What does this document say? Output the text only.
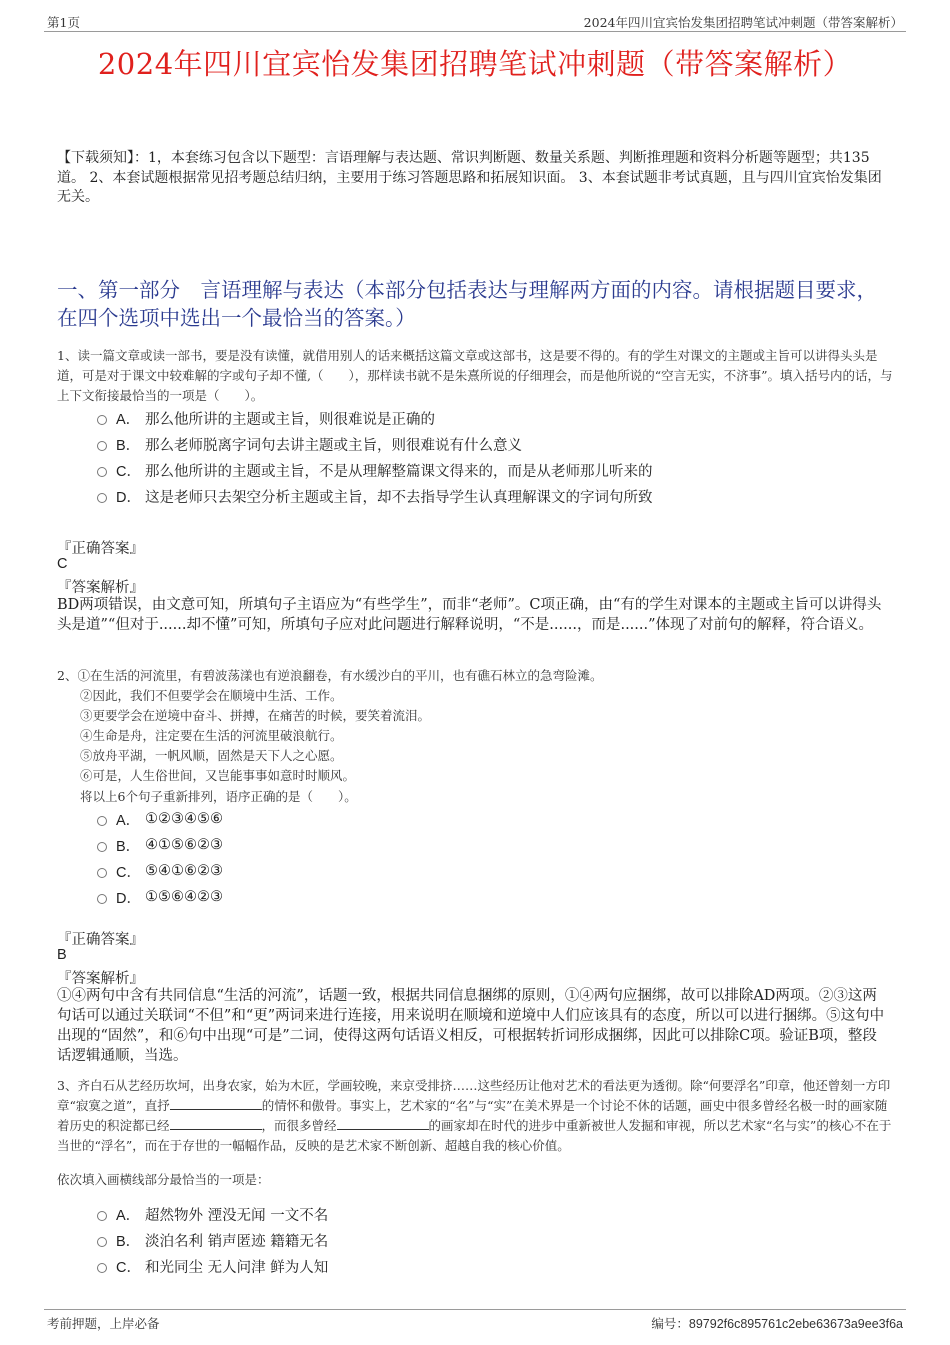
第1页	2024年四川宜宾怡发集团招聘笔试冲刺题（带答案解析）
2024年四川宜宾怡发集团招聘笔试冲刺题（带答案解析）
【下载须知】：1，本套练习包含以下题型：言语理解与表达题、常识判断题、数量关系题、判断推理题和资料分析题等题型；共135道。 2、本套试题根据常见招考题总结归纳，主要用于练习答题思路和拓展知识面。 3、本套试题非考试真题，且与四川宜宾怡发集团无关。
一、第一部分　言语理解与表达（本部分包括表达与理解两方面的内容。请根据题目要求，在四个选项中选出一个最恰当的答案。）
1、读一篇文章或读一部书，要是没有读懂，就借用别人的话来概括这篇文章或这部书，这是要不得的。有的学生对课文的主题或主旨可以讲得头头是道，可是对于课文中较难解的字或句子却不懂,（　　），那样读书就不是朱熹所说的仔细理会，而是他所说的“空言无实，不济事”。填入括号内的话，与上下文衔接最恰当的一项是（　　）。
A． 那么他所讲的主题或主旨，则很难说是正确的
B． 那么老师脱离字词句去讲主题或主旨，则很难说有什么意义
C． 那么他所讲的主题或主旨，不是从理解整篇课文得来的，而是从老师那儿听来的
D． 这是老师只去架空分析主题或主旨，却不去指导学生认真理解课文的字词句所致
『正确答案』
C
『答案解析』
BD两项错误，由文意可知，所填句子主语应为“有些学生”，而非“老师”。C项正确，由“有的学生对课本的主题或主旨可以讲得头头是道”“但对于......却不懂”可知，所填句子应对此问题进行解释说明，“不是......，而是......”体现了对前句的解释，符合语义。
2、①在生活的河流里，有碧波荡漾也有逆浪翻卷，有水缓沙白的平川，也有礁石林立的急弯险滩。
②因此，我们不但要学会在顺境中生活、工作。
③更要学会在逆境中奋斗、拼搏，在痛苦的时候，要笑着流泪。
④生命是舟，注定要在生活的河流里破浪航行。
⑤放舟平湖，一帆风顺，固然是天下人之心愿。
⑥可是，人生俗世间，又岂能事事如意时时顺风。
将以上6个句子重新排列，语序正确的是（　　）。
A． ①②③④⑤⑥
B． ④①⑤⑥②③
C． ⑤④①⑥②③
D． ①⑤⑥④②③
『正确答案』
B
『答案解析』
①④两句中含有共同信息“生活的河流”，话题一致，根据共同信息捆绑的原则，①④两句应捆绑，故可以排除AD两项。②③这两句话可以通过关联词“不但”和“更”两词来进行连接，用来说明在顺境和逆境中人们应该具有的态度，所以可以进行捆绑。⑤这句中出现的“固然”，和⑥句中出现“可是”二词，使得这两句话语义相反，可根据转折词形成捆绑，因此可以排除C项。验证B项，整段话逻辑通顺，当选。
3、齐白石从艺经历坎坷，出身农家，始为木匠，学画较晚，来京受排挤……这些经历让他对艺术的看法更为透彻。除“何要浮名”印章，他还曾刻一方印章“寂寞之道”，直抒	的情怀和傲骨。事实上，艺术家的“名”与“实”在美术界是一个讨论不休的话题，画史中很多曾经名极一时的画家随着历史的积淀都已经	，而很多曾经	的画家却在时代的进步中重新被世人发掘和审视，所以艺术家“名与实”的核心不在于当世的“浮名”，而在于存世的一幅幅作品，反映的是艺术家不断创新、超越自我的核心价值。
依次填入画横线部分最恰当的一项是：
A． 超然物外 湮没无闻 一文不名
B． 淡泊名利 销声匿迹 籍籍无名
C． 和光同尘 无人问津 鲜为人知
考前押题，上岸必备	编号：89792f6c895761c2ebe63673a9ee3f6a
